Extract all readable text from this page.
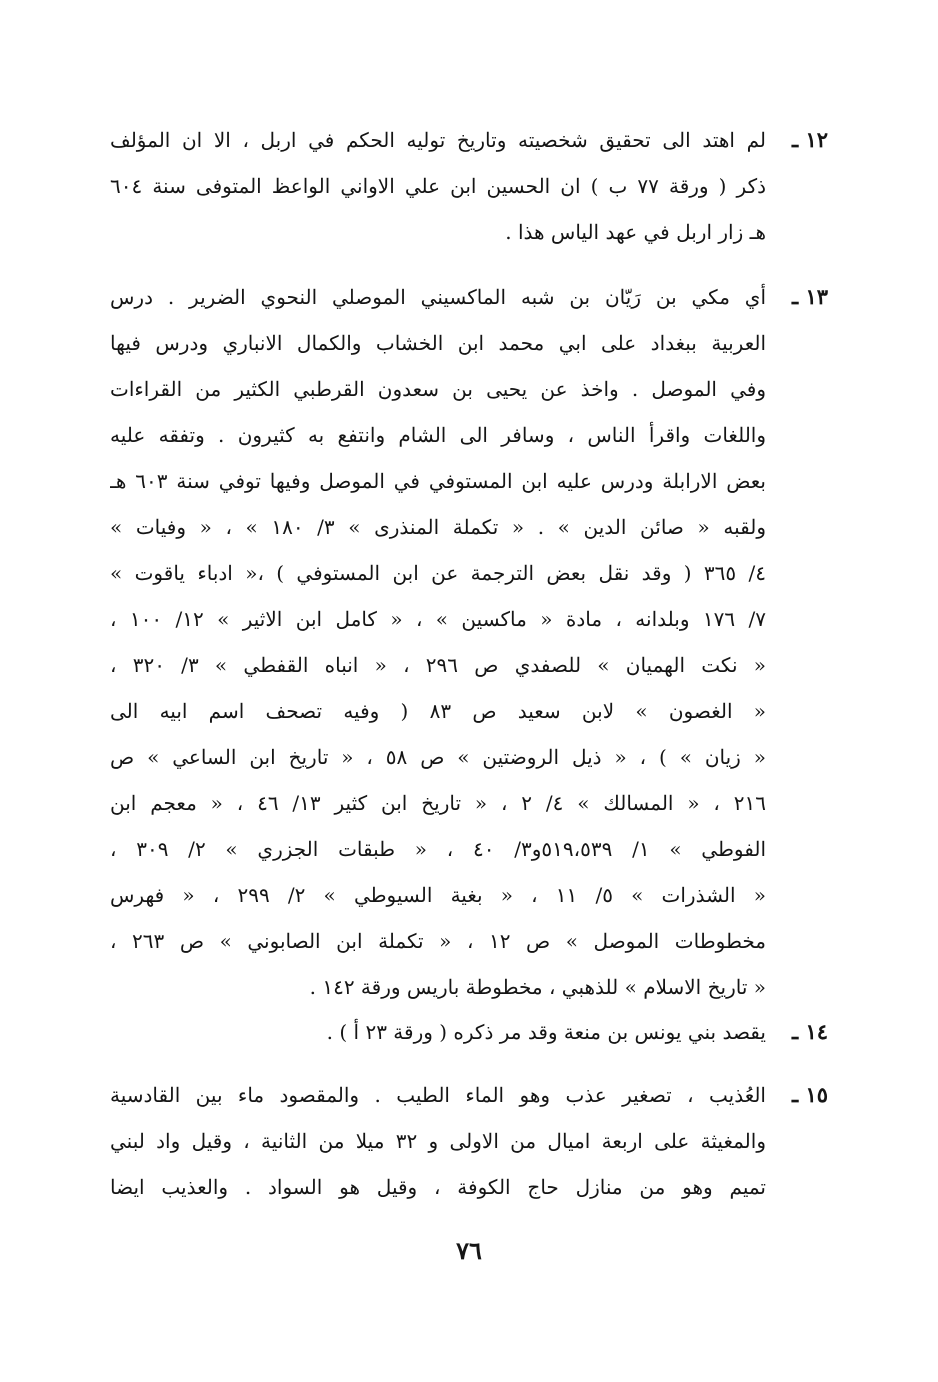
١٢ ـ
لم اهتد الى تحقيق شخصيته وتاريخ توليه الحكم في اربل ، الا ان المؤلف
ذكر ( ورقة ٧٧ ب ) ان الحسين ابن علي الاواني الواعظ المتوفى سنة ٦٠٤
هـ زار اربل في عهد الياس هذا .
١٣ ـ
أي مكي بن رَيّان بن شبه الماكسيني الموصلي النحوي الضرير . درس
العربية ببغداد على ابي محمد ابن الخشاب والكمال الانباري ودرس فيها
وفي الموصل . واخذ عن يحيى بن سعدون القرطبي الكثير من القراءات
واللغات واقرأ الناس ، وسافر الى الشام وانتفع به كثيرون . وتفقه عليه
بعض الارابلة ودرس عليه ابن المستوفي في الموصل وفيها توفي سنة ٦٠٣ هـ
ولقبه « صائن الدين » . « تكملة المنذرى » ٣/ ١٨٠ » ، « وفيات »
٤/ ٣٦٥ ( وقد نقل بعض الترجمة عن ابن المستوفي ) ،« ادباء ياقوت »
٧/ ١٧٦ وبلدانه ، مادة « ماكسين » ، « كامل ابن الاثير » ١٢/ ١٠٠ ،
« نكت الهميان » للصفدي ص ٢٩٦ ، « انباه القفطي » ٣/ ٣٢٠ ،
« الغصون » لابن سعيد ص ٨٣ ( وفيه تصحف اسم ابيه الى
« زيان » ) ، « ذيل الروضتين » ص ٥٨ ، « تاريخ ابن الساعي » ص
٢١٦ ، « المسالك » ٤/ ٢ ، « تاريخ ابن كثير ١٣/ ٤٦ ، « معجم ابن
الفوطي » ١/ ٥١٩،٥٣٩و٣/ ٤٠ ، « طبقات الجزري » ٢/ ٣٠٩ ،
« الشذرات » ٥/ ١١ ، « بغية السيوطي » ٢/ ٢٩٩ ، « فهرس
مخطوطات الموصل » ص ١٢ ، « تكملة ابن الصابوني » ص ٢٦٣ ،
« تاريخ الاسلام » للذهبي ، مخطوطة باريس ورقة ١٤٢ .
١٤ ـ
يقصد بني يونس بن منعة وقد مر ذكره ( ورقة ٢٣ أ ) .
١٥ ـ
العُذيب ، تصغير عذب وهو الماء الطيب . والمقصود ماء بين القادسية
والمغيثة على اربعة اميال من الاولى و ٣٢ ميلا من الثانية ، وقيل واد لبني
تميم وهو من منازل حاج الكوفة ، وقيل هو السواد . والعذيب ايضا
٧٦
